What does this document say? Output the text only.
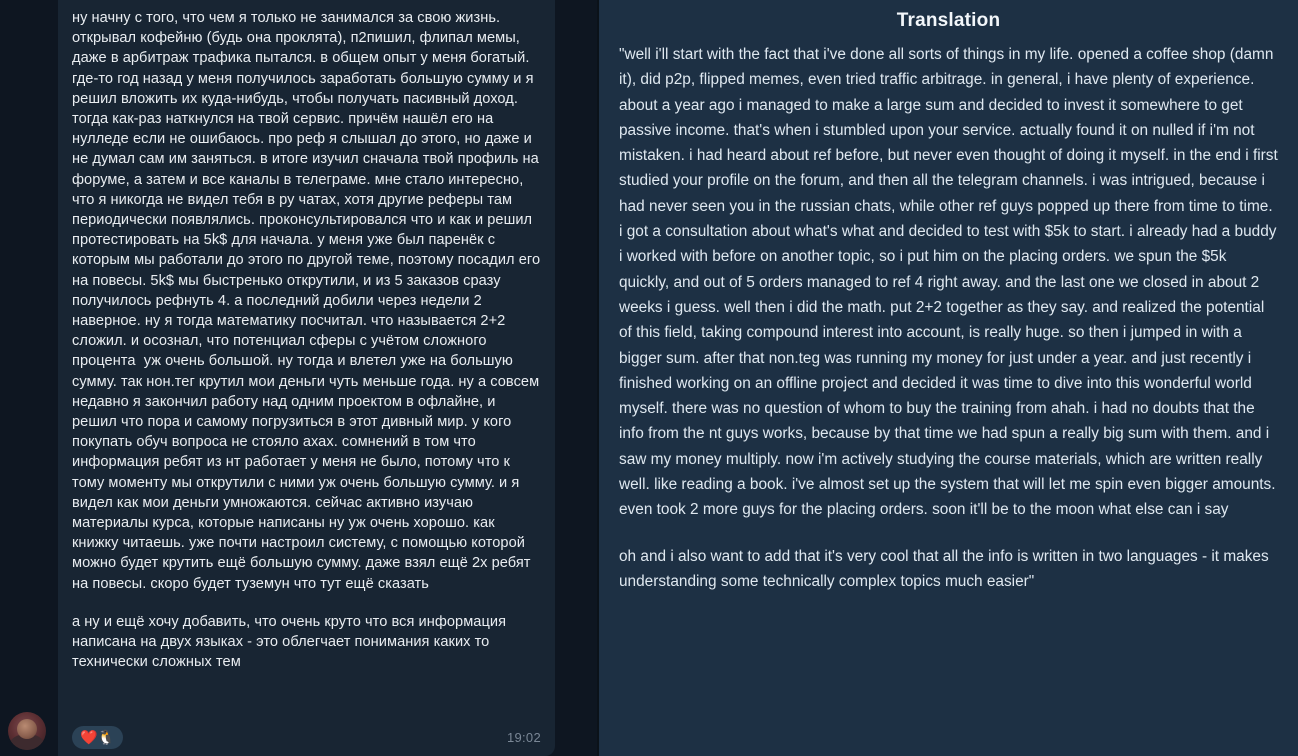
ну начну с того, что чем я только не занимался за свою жизнь. открывал кофейню (будь она проклята), п2пишил, флипал мемы, даже в арбитраж трафика пытался. в общем опыт у меня богатый. где-то год назад у меня получилось заработать большую сумму и я решил вложить их куда-нибудь, чтобы получать пасивный доход. тогда как-раз наткнулся на твой сервис. причём нашёл его на нулледе если не ошибаюсь. про реф я слышал до этого, но даже и не думал сам им заняться. в итоге изучил сначала твой профиль на форуме, а затем и все каналы в телеграме. мне стало интересно, что я никогда не видел тебя в ру чатах, хотя другие реферы там периодически появлялись. проконсультировался что и как и решил протестировать на 5k$ для начала. у меня уже был паренёк с которым мы работали до этого по другой теме, поэтому посадил его на повесы. 5k$ мы быстренько открутили, и из 5 заказов сразу получилось рефнуть 4. а последний добили через недели 2 наверное. ну я тогда математику посчитал. что называется 2+2 сложил. и осознал, что потенциал сферы с учётом сложного процента  уж очень большой. ну тогда и влетел уже на большую сумму. так нон.тег крутил мои деньги чуть меньше года. ну а совсем недавно я закончил работу над одним проектом в офлайне, и решил что пора и самому погрузиться в этот дивный мир. у кого покупать обуч вопроса не стояло ахах. сомнений в том что информация ребят из нт работает у меня не было, потому что к тому моменту мы открутили с ними уж очень большую сумму. и я видел как мои деньги умножаются. сейчас активно изучаю материалы курса, которые написаны ну уж очень хорошо. как книжку читаешь. уже почти настроил систему, с помощью которой можно будет крутить ещё большую сумму. даже взял ещё 2х ребят на повесы. скоро будет туземун что тут ещё сказать
а ну и ещё хочу добавить, что очень круто что вся информация написана на двух языках - это облегчает понимания каких то технически сложных тем
❤️🐧	19:02
Translation
"well i'll start with the fact that i've done all sorts of things in my life. opened a coffee shop (damn it), did p2p, flipped memes, even tried traffic arbitrage. in general, i have plenty of experience. about a year ago i managed to make a large sum and decided to invest it somewhere to get passive income. that's when i stumbled upon your service. actually found it on nulled if i'm not mistaken. i had heard about ref before, but never even thought of doing it myself. in the end i first studied your profile on the forum, and then all the telegram channels. i was intrigued, because i had never seen you in the russian chats, while other ref guys popped up there from time to time. i got a consultation about what's what and decided to test with $5k to start. i already had a buddy i worked with before on another topic, so i put him on the placing orders. we spun the $5k quickly, and out of 5 orders managed to ref 4 right away. and the last one we closed in about 2 weeks i guess. well then i did the math. put 2+2 together as they say. and realized the potential of this field, taking compound interest into account, is really huge. so then i jumped in with a bigger sum. after that non.teg was running my money for just under a year. and just recently i finished working on an offline project and decided it was time to dive into this wonderful world myself. there was no question of whom to buy the training from ahah. i had no doubts that the info from the nt guys works, because by that time we had spun a really big sum with them. and i saw my money multiply. now i'm actively studying the course materials, which are written really well. like reading a book. i've almost set up the system that will let me spin even bigger amounts. even took 2 more guys for the placing orders. soon it'll be to the moon what else can i say
oh and i also want to add that it's very cool that all the info is written in two languages - it makes understanding some technically complex topics much easier"
